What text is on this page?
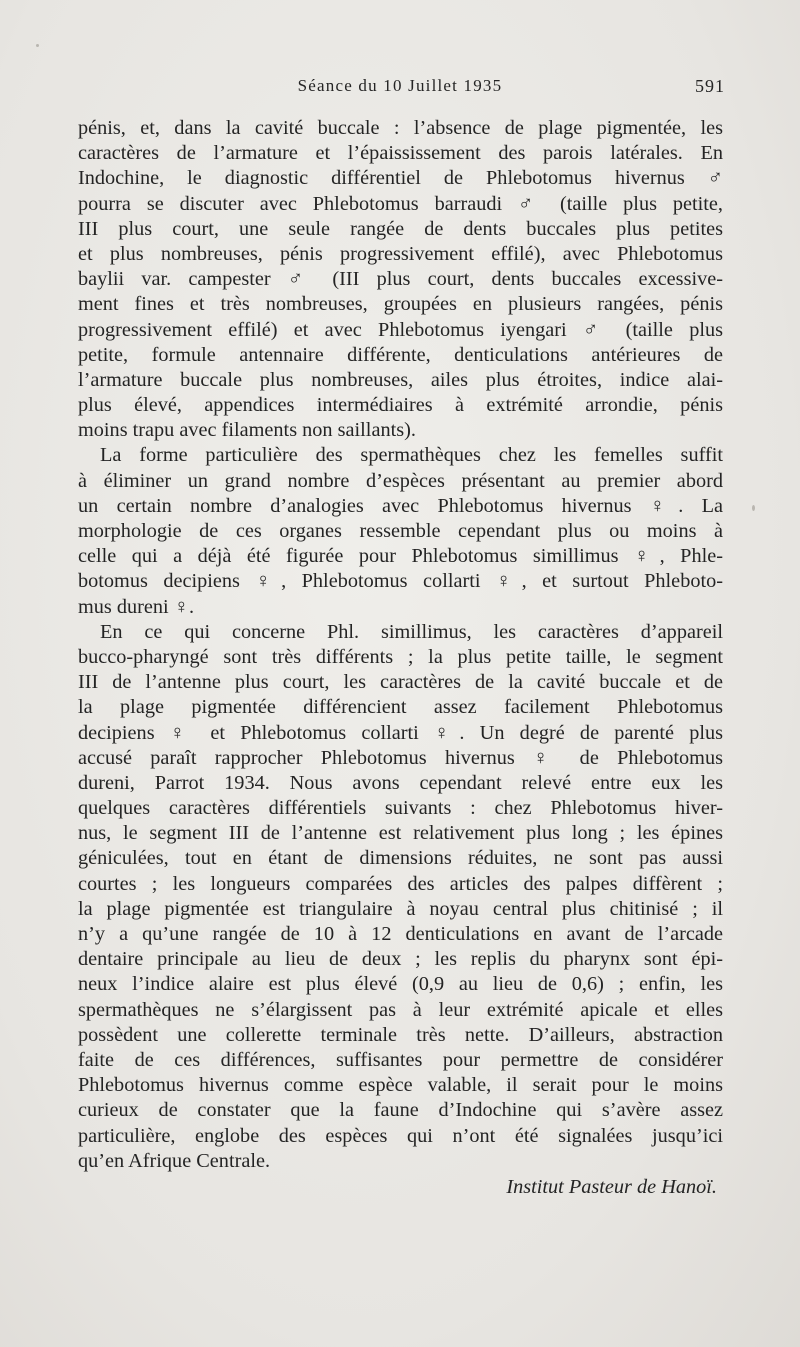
Séance du 10 Juillet 1935	591
pénis, et, dans la cavité buccale : l’absence de plage pigmentée, les
caractères de l’armature et l’épaississement des parois latérales. En
Indochine, le diagnostic différentiel de Phlebotomus hivernus ♂
pourra se discuter avec Phlebotomus barraudi ♂ (taille plus petite,
III plus court, une seule rangée de dents buccales plus petites
et plus nombreuses, pénis progressivement effilé), avec Phlebotomus
baylii var. campester ♂ (III plus court, dents buccales excessive-
ment fines et très nombreuses, groupées en plusieurs rangées, pénis
progressivement effilé) et avec Phlebotomus iyengari ♂ (taille plus
petite, formule antennaire différente, denticulations antérieures de
l’armature buccale plus nombreuses, ailes plus étroites, indice alai-
plus élevé, appendices intermédiaires à extrémité arrondie, pénis
moins trapu avec filaments non saillants).
La forme particulière des spermathèques chez les femelles suffit
à éliminer un grand nombre d’espèces présentant au premier abord
un certain nombre d’analogies avec Phlebotomus hivernus ♀. La
morphologie de ces organes ressemble cependant plus ou moins à
celle qui a déjà été figurée pour Phlebotomus simillimus ♀, Phle-
botomus decipiens ♀, Phlebotomus collarti ♀, et surtout Phleboto-
mus dureni ♀.
En ce qui concerne Phl. simillimus, les caractères d’appareil
bucco-pharyngé sont très différents ; la plus petite taille, le segment
III de l’antenne plus court, les caractères de la cavité buccale et de
la plage pigmentée différencient assez facilement Phlebotomus
decipiens ♀ et Phlebotomus collarti ♀. Un degré de parenté plus
accusé paraît rapprocher Phlebotomus hivernus ♀ de Phlebotomus
dureni, Parrot 1934. Nous avons cependant relevé entre eux les
quelques caractères différentiels suivants : chez Phlebotomus hiver-
nus, le segment III de l’antenne est relativement plus long ; les épines
géniculées, tout en étant de dimensions réduites, ne sont pas aussi
courtes ; les longueurs comparées des articles des palpes diffèrent ;
la plage pigmentée est triangulaire à noyau central plus chitinisé ; il
n’y a qu’une rangée de 10 à 12 denticulations en avant de l’arcade
dentaire principale au lieu de deux ; les replis du pharynx sont épi-
neux l’indice alaire est plus élevé (0,9 au lieu de 0,6) ; enfin, les
spermathèques ne s’élargissent pas à leur extrémité apicale et elles
possèdent une collerette terminale très nette. D’ailleurs, abstraction
faite de ces différences, suffisantes pour permettre de considérer
Phlebotomus hivernus comme espèce valable, il serait pour le moins
curieux de constater que la faune d’Indochine qui s’avère assez
particulière, englobe des espèces qui n’ont été signalées jusqu’ici
qu’en Afrique Centrale.
Institut Pasteur de Hanoï.
